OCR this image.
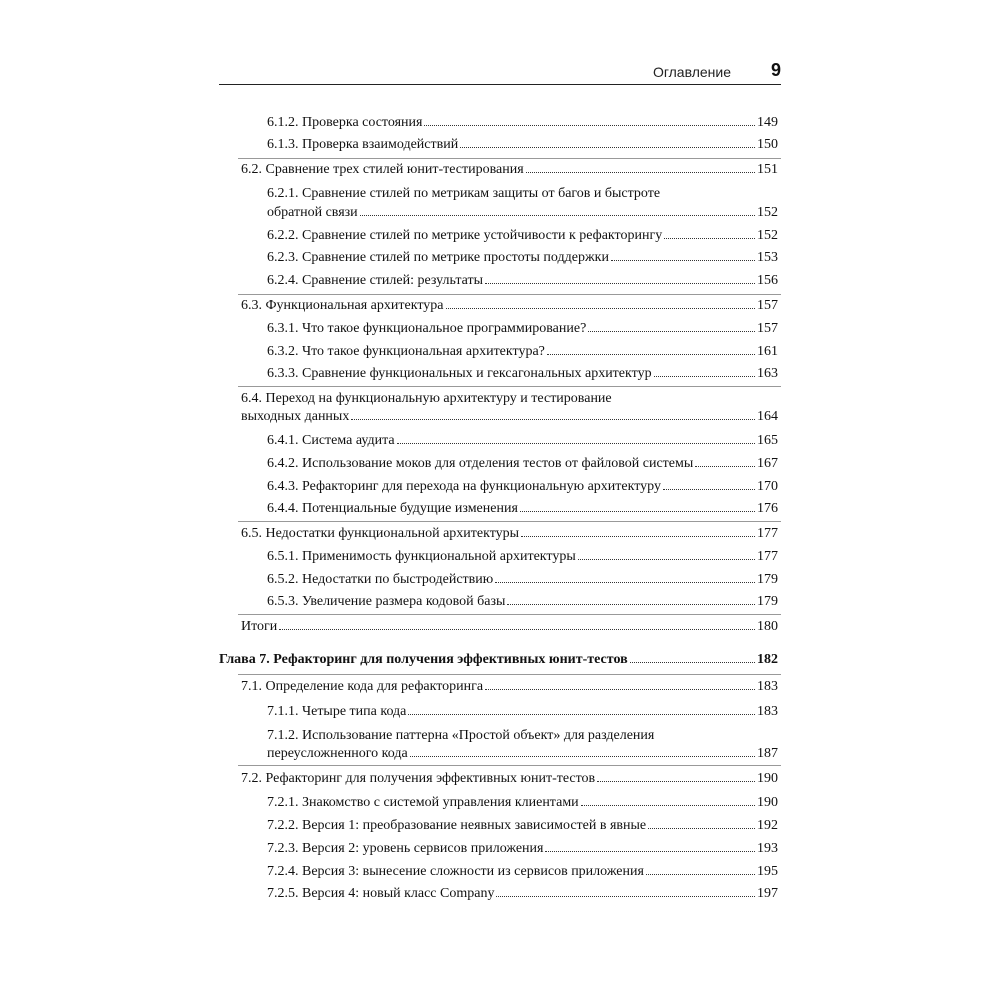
Оглавление 9
6.1.2. Проверка состояния	149
6.1.3. Проверка взаимодействий	150
6.2. Сравнение трех стилей юнит-тестирования	151
6.2.1. Сравнение стилей по метрикам защиты от багов и быстроте
обратной связи	152
6.2.2. Сравнение стилей по метрике устойчивости к рефакторингу	152
6.2.3. Сравнение стилей по метрике простоты поддержки	153
6.2.4. Сравнение стилей: результаты	156
6.3. Функциональная архитектура	157
6.3.1. Что такое функциональное программирование?	157
6.3.2. Что такое функциональная архитектура?	161
6.3.3. Сравнение функциональных и гексагональных архитектур	163
6.4. Переход на функциональную архитектуру и тестирование
выходных данных	164
6.4.1. Система аудита	165
6.4.2. Использование моков для отделения тестов от файловой системы	167
6.4.3. Рефакторинг для перехода на функциональную архитектуру	170
6.4.4. Потенциальные будущие изменения	176
6.5. Недостатки функциональной архитектуры	177
6.5.1. Применимость функциональной архитектуры	177
6.5.2. Недостатки по быстродействию	179
6.5.3. Увеличение размера кодовой базы	179
Итоги	180
Глава 7. Рефакторинг для получения эффективных юнит-тестов	182
7.1. Определение кода для рефакторинга	183
7.1.1. Четыре типа кода	183
7.1.2. Использование паттерна «Простой объект» для разделения
переусложненного кода	187
7.2. Рефакторинг для получения эффективных юнит-тестов	190
7.2.1. Знакомство с системой управления клиентами	190
7.2.2. Версия 1: преобразование неявных зависимостей в явные	192
7.2.3. Версия 2: уровень сервисов приложения	193
7.2.4. Версия 3: вынесение сложности из сервисов приложения	195
7.2.5. Версия 4: новый класс Company	197
